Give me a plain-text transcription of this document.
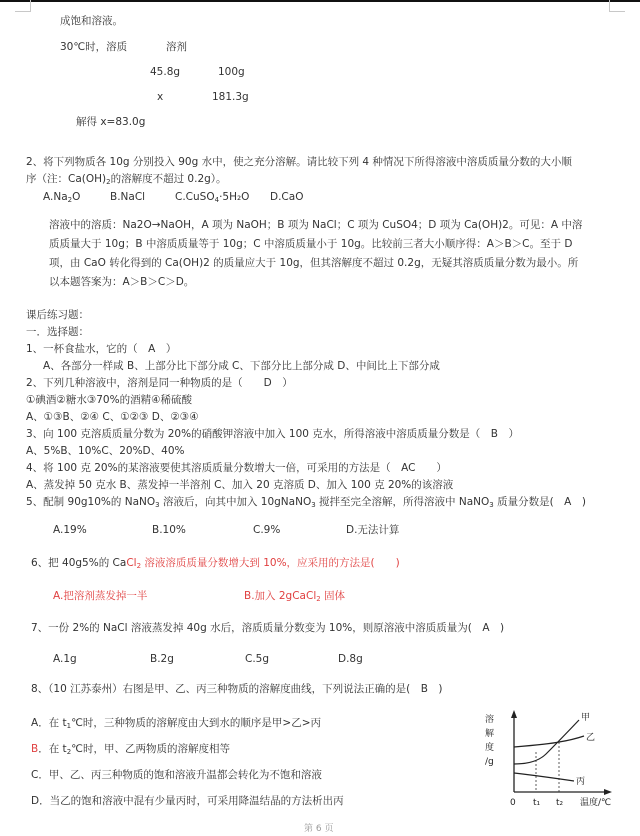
成饱和溶液。
30℃时，溶质	溶剂
45.8g	100g
x	181.3g
解得 x=83.0g
2、将下列物质各 10g 分别投入 90g 水中，使之充分溶解。请比较下列 4 种情况下所得溶液中溶质质量分数的大小顺
序（注：$Ca(OH)_2$的溶解度不超过 0.2g）。
$A.Na_2O$	B.NaCl	C.CuSO$_4$·5H₂O D.CaO
溶液中的溶质：Na2O→NaOH，A 项为 NaOH；B 项为 NaCl；C 项为 CuSO4；D 项为 Ca(OH)2。可见：A 中溶
质质量大于 10g；B 中溶质质量等于 10g；C 中溶质质量小于 10g。比较前三者大小顺序得：A＞B＞C。至于 D
项，由 CaO 转化得到的 Ca(OH)2 的质量应大于 10g，但其溶解度不超过 0.2g，无疑其溶质质量分数为最小。所
以本题答案为：A＞B＞C＞D。
课后练习题：
一．选择题：
1、一杯食盐水，它的（　A　）
A、各部分一样咸 B、上部分比下部分咸 C、下部分比上部分咸 D、中间比上下部分咸
2、下列几种溶液中，溶剂是同一种物质的是（　　D　）
①碘酒②糖水③70%的酒精④稀硫酸
A、①③B、②④ C、①②③ D、②③④
3、向 100 克溶质质量分数为 20%的硝酸钾溶液中加入 100 克水，所得溶液中溶质质量分数是（　B　）
A、5%B、10%C、20%D、40%
4、将 100 克 20%的某溶液要使其溶质质量分数增大一倍，可采用的方法是（　AC　　）
A、蒸发掉 50 克水 B、蒸发掉一半溶剂 C、加入 20 克溶质 D、加入 100 克 20%的该溶液
5、配制 90g10%的 NaNO$_3$ 溶液后，向其中加入 10gNaNO$_3$ 搅拌至完全溶解，所得溶液中 NaNO$_3$ 质量分数是(　A　)
A.19%	B.10%	C.9%	D.无法计算
6、把 40g5%的 CaCl$_2$ 溶液溶质质量分数增大到 10%，应采用的方法是(　　)
A.把溶剂蒸发掉一半	B.加入 2gCaCl$_2$ 固体
7、一份 2%的 NaCl 溶液蒸发掉 40g 水后，溶质质量分数变为 10%，则原溶液中溶质质量为(　A　)
A.1g	B.2g	C.5g	D.8g
8、（10 江苏泰州）右图是甲、乙、丙三种物质的溶解度曲线，下列说法正确的是(　B　)
A．在 $t_1℃$时，三种物质的溶解度由大到水的顺序是甲>乙>丙
B．在 $t_2℃$时，甲、乙两物质的溶解度相等
C．甲、乙、丙三种物质的饱和溶液升温都会转化为不饱和溶液
D．当乙的饱和溶液中混有少量丙时，可采用降温结晶的方法析出丙
溶
解
度
/g
甲
乙
丙
0 t₁ t₂ 温度/℃
第 6 页
